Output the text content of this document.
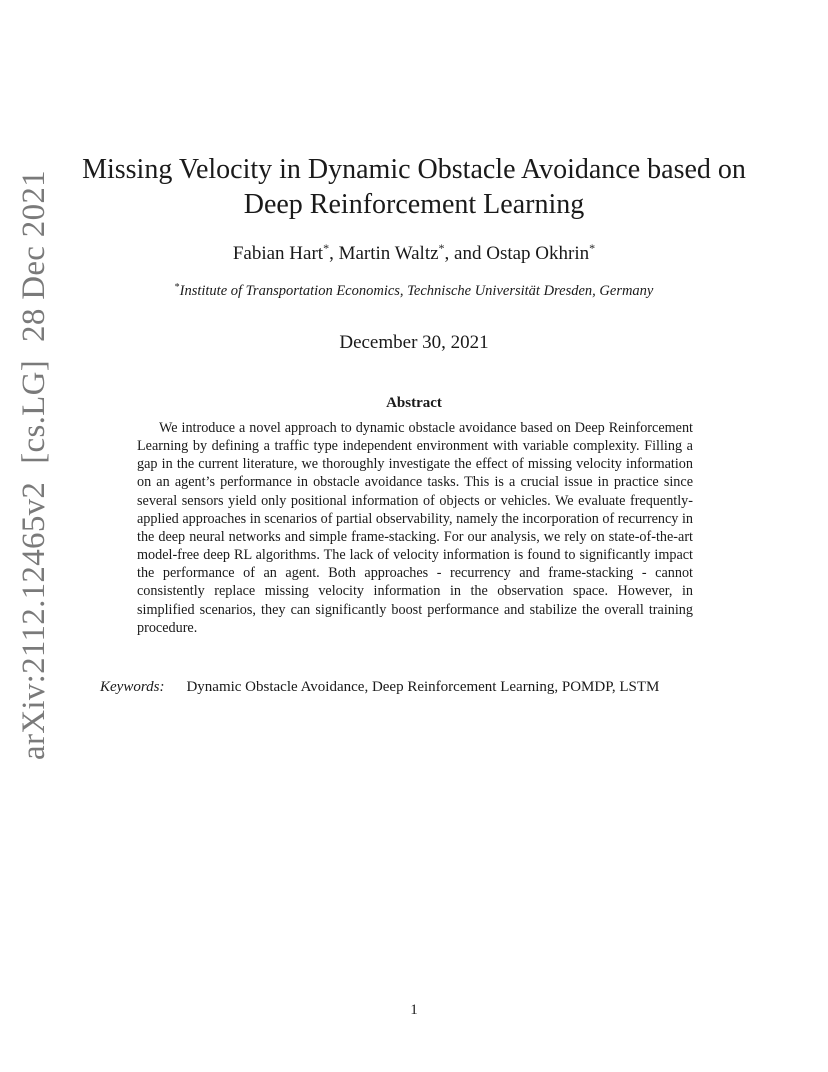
arXiv:2112.12465v2[cs.LG]28 Dec 2021
Missing Velocity in Dynamic Obstacle Avoidance based on Deep Reinforcement Learning
Fabian Hart*, Martin Waltz*, and Ostap Okhrin*
*Institute of Transportation Economics, Technische Universität Dresden, Germany
December 30, 2021
Abstract

We introduce a novel approach to dynamic obstacle avoidance based on Deep Reinforcement Learning by defining a traffic type independent environment with variable complexity. Filling a gap in the current literature, we thoroughly investigate the effect of missing velocity information on an agent’s performance in obstacle avoidance tasks. This is a crucial issue in practice since several sensors yield only positional information of objects or vehicles. We evaluate frequently-applied approaches in scenarios of partial observability, namely the incorporation of recurrency in the deep neural networks and simple frame-stacking. For our analysis, we rely on state-of-the-art model-free deep RL algorithms. The lack of velocity information is found to significantly impact the performance of an agent. Both approaches - recurrency and frame-stacking - cannot consistently replace missing velocity information in the observation space. However, in simplified scenarios, they can significantly boost performance and stabilize the overall training procedure.

Keywords: Dynamic Obstacle Avoidance, Deep Reinforcement Learning, POMDP, LSTM
1
